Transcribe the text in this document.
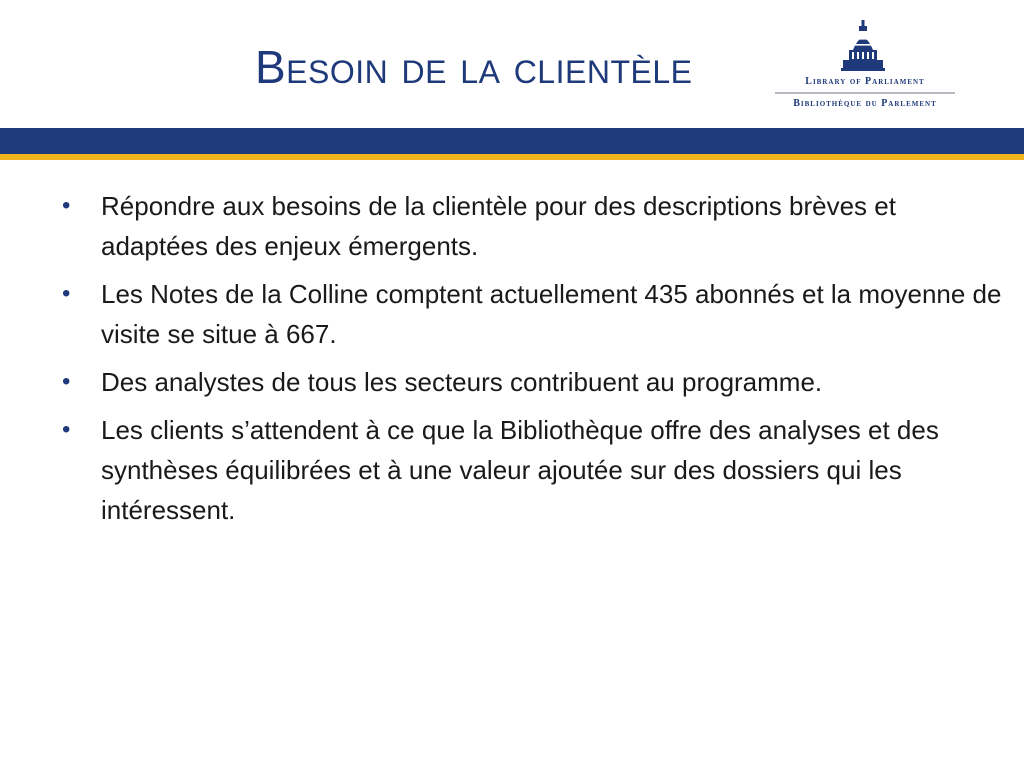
Besoin de la clientèle	Library of Parliament
Bibliothèque du Parlement
• Répondre aux besoins de la clientèle pour des descriptions brèves et adaptées des enjeux émergents.
• Les Notes de la Colline comptent actuellement 435 abonnés et la moyenne de visite se situe à 667.
• Des analystes de tous les secteurs contribuent au programme.
• Les clients s’attendent à ce que la Bibliothèque offre des analyses et des synthèses équilibrées et à une valeur ajoutée sur des dossiers qui les intéressent.
